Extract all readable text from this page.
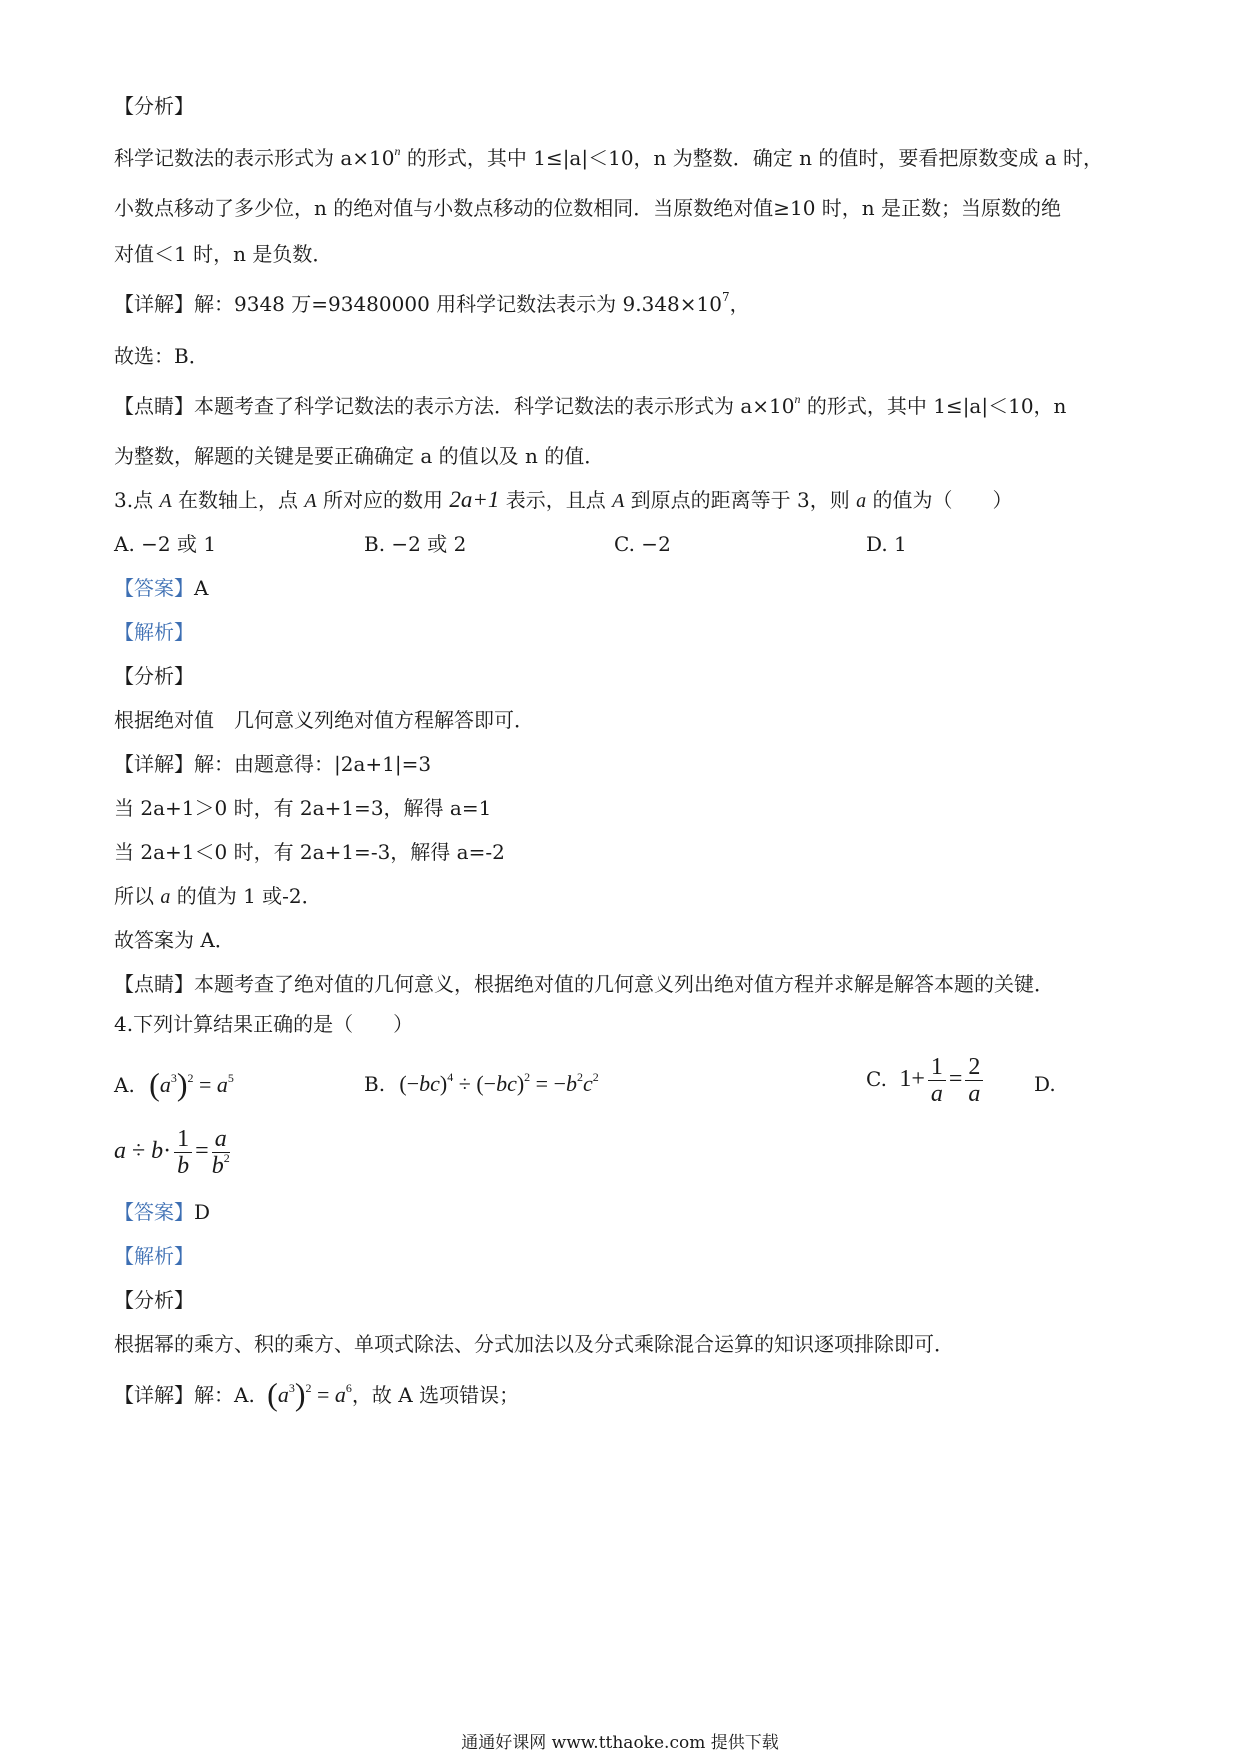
【分析】
科学记数法的表示形式为 $a\times 10^n$ 的形式，其中 1≤|a|＜10，n 为整数．确定 n 的值时，要看把原数变成 a 时，
小数点移动了多少位，n 的绝对值与小数点移动的位数相同．当原数绝对值≥10 时，n 是正数；当原数的绝
对值＜1 时，n 是负数．
【详解】解：9348 万=93480000 用科学记数法表示为 $9.348\times 10^7$，
故选：B．
【点睛】本题考查了科学记数法的表示方法．科学记数法的表示形式为 $a\times 10^n$ 的形式，其中 1≤|a|＜10，n
为整数，解题的关键是要正确确定 a 的值以及 n 的值．
3.点 A 在数轴上，点 A 所对应的数用 2a+1 表示，且点 A 到原点的距离等于 3，则 a 的值为（　　）
A. −2 或 1	B. −2 或 2	C. −2	D. 1
【答案】A
【解析】
【分析】
根据绝对值　几何意义列绝对值方程解答即可．
【详解】解：由题意得：|2a+1|=3
当 2a+1＞0 时，有 2a+1=3，解得 a=1
当 2a+1＜0 时，有 2a+1=-3，解得 a=-2
所以 a 的值为 1 或-2．
故答案为 A．
【点睛】本题考查了绝对值的几何意义，根据绝对值的几何意义列出绝对值方程并求解是解答本题的关键．
4.下列计算结果正确的是（　　）
A. $(a^3)^2 = a^5$	B. $(-bc)^4 \div (-bc)^2 = -b^2c^2$	C. $1+ \frac{1}{a} = \frac{2}{a}$	D.
$a \div b\cdot \frac{1}{b} = \frac{a}{b^2}$
【答案】D
【解析】
【分析】
根据幂的乘方、积的乘方、单项式除法、分式加法以及分式乘除混合运算的知识逐项排除即可．
【详解】解：A. $(a^3)^2 = a^6$，故 A 选项错误；
通通好课网 www.tthaoke.com 提供下载
